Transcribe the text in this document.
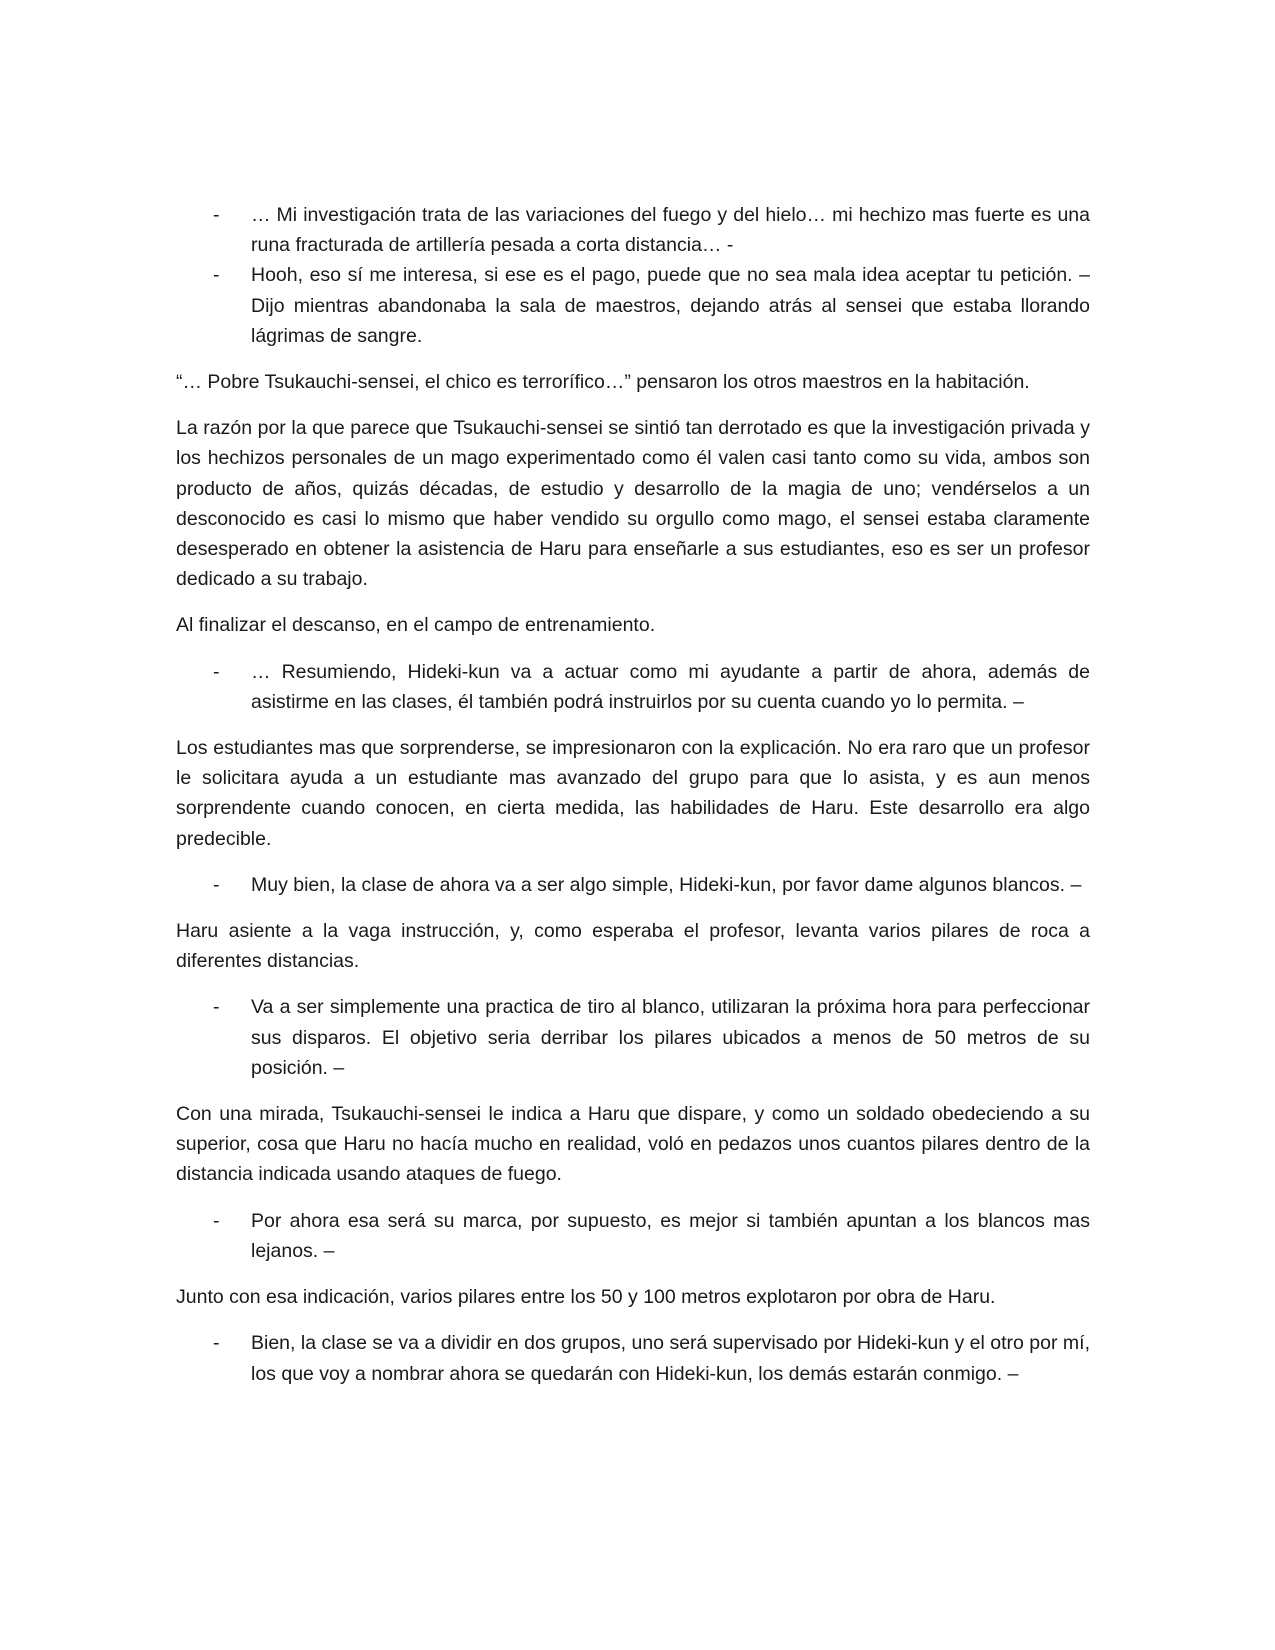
-	… Mi investigación trata de las variaciones del fuego y del hielo… mi hechizo mas fuerte es una runa fracturada de artillería pesada a corta distancia… -
-	Hooh, eso sí me interesa, si ese es el pago, puede que no sea mala idea aceptar tu petición. – Dijo mientras abandonaba la sala de maestros, dejando atrás al sensei que estaba llorando lágrimas de sangre.

“… Pobre Tsukauchi-sensei, el chico es terrorífico…” pensaron los otros maestros en la habitación.

La razón por la que parece que Tsukauchi-sensei se sintió tan derrotado es que la investigación privada y los hechizos personales de un mago experimentado como él valen casi tanto como su vida, ambos son producto de años, quizás décadas, de estudio y desarrollo de la magia de uno; vendérselos a un desconocido es casi lo mismo que haber vendido su orgullo como mago, el sensei estaba claramente desesperado en obtener la asistencia de Haru para enseñarle a sus estudiantes, eso es ser un profesor dedicado a su trabajo.

Al finalizar el descanso, en el campo de entrenamiento.

-	… Resumiendo, Hideki-kun va a actuar como mi ayudante a partir de ahora, además de asistirme en las clases, él también podrá instruirlos por su cuenta cuando yo lo permita. –

Los estudiantes mas que sorprenderse, se impresionaron con la explicación. No era raro que un profesor le solicitara ayuda a un estudiante mas avanzado del grupo para que lo asista, y es aun menos sorprendente cuando conocen, en cierta medida, las habilidades de Haru. Este desarrollo era algo predecible.

-	Muy bien, la clase de ahora va a ser algo simple, Hideki-kun, por favor dame algunos blancos. –

Haru asiente a la vaga instrucción, y, como esperaba el profesor, levanta varios pilares de roca a diferentes distancias.

-	Va a ser simplemente una practica de tiro al blanco, utilizaran la próxima hora para perfeccionar sus disparos. El objetivo seria derribar los pilares ubicados a menos de 50 metros de su posición. –

Con una mirada, Tsukauchi-sensei le indica a Haru que dispare, y como un soldado obedeciendo a su superior, cosa que Haru no hacía mucho en realidad, voló en pedazos unos cuantos pilares dentro de la distancia indicada usando ataques de fuego.

-	Por ahora esa será su marca, por supuesto, es mejor si también apuntan a los blancos mas lejanos. –

Junto con esa indicación, varios pilares entre los 50 y 100 metros explotaron por obra de Haru.

-	Bien, la clase se va a dividir en dos grupos, uno será supervisado por Hideki-kun y el otro por mí, los que voy a nombrar ahora se quedarán con Hideki-kun, los demás estarán conmigo. –
